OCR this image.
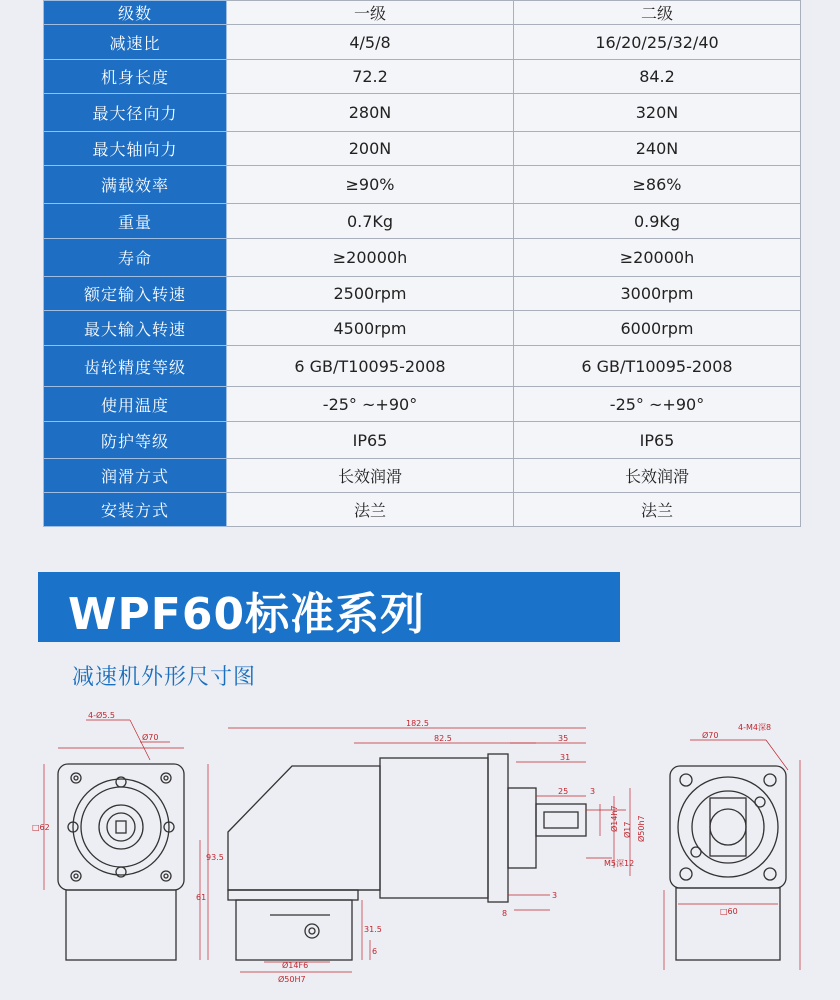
级数	一级	二级
减速比	4/5/8	16/20/25/32/40
机身长度	72.2	84.2
最大径向力	280N	320N
最大轴向力	200N	240N
满载效率	≥90%	≥86%
重量	0.7Kg	0.9Kg
寿命	≥20000h	≥20000h
额定输入转速	2500rpm	3000rpm
最大输入转速	4500rpm	6000rpm
齿轮精度等级	6 GB/T10095-2008	6 GB/T10095-2008
使用温度	-25° ~+90°	-25° ~+90°
防护等级	IP65	IP65
润滑方式	长效润滑	长效润滑
安装方式	法兰	法兰
WPF60标准系列
减速机外形尺寸图
4-Ø5.5
Ø70
□62
93.5
61
182.5
82.5	35
31
25	3
Ø14h7 Ø17 Ø50h7
M5深12
8
3
31.5
6
Ø14F6
Ø50H7
Ø70
4-M4深8
□60
